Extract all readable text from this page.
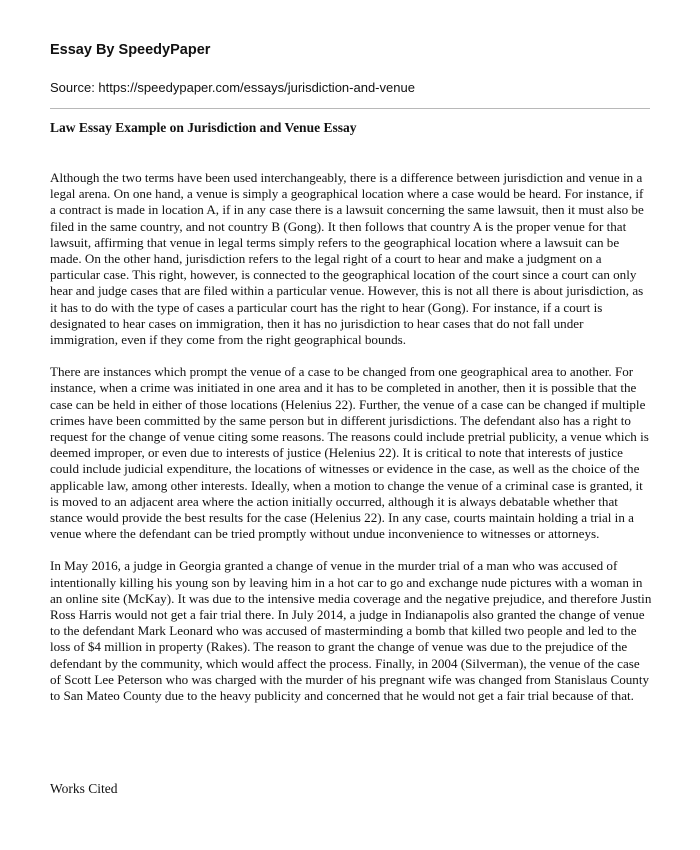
Essay By SpeedyPaper
Source: https://speedypaper.com/essays/jurisdiction-and-venue
Law Essay Example on Jurisdiction and Venue Essay

Although the two terms have been used interchangeably, there is a difference between jurisdiction and venue in a legal arena. On one hand, a venue is simply a geographical location where a case would be heard. For instance, if a contract is made in location A, if in any case there is a lawsuit concerning the same lawsuit, then it must also be filed in the same country, and not country B (Gong). It then follows that country A is the proper venue for that lawsuit, affirming that venue in legal terms simply refers to the geographical location where a lawsuit can be made. On the other hand, jurisdiction refers to the legal right of a court to hear and make a judgment on a particular case. This right, however, is connected to the geographical location of the court since a court can only hear and judge cases that are filed within a particular venue. However, this is not all there is about jurisdiction, as it has to do with the type of cases a particular court has the right to hear (Gong). For instance, if a court is designated to hear cases on immigration, then it has no jurisdiction to hear cases that do not fall under immigration, even if they come from the right geographical bounds.

There are instances which prompt the venue of a case to be changed from one geographical area to another. For instance, when a crime was initiated in one area and it has to be completed in another, then it is possible that the case can be held in either of those locations (Helenius 22). Further, the venue of a case can be changed if multiple crimes have been committed by the same person but in different jurisdictions. The defendant also has a right to request for the change of venue citing some reasons. The reasons could include pretrial publicity, a venue which is deemed improper, or even due to interests of justice (Helenius 22). It is critical to note that interests of justice could include judicial expenditure, the locations of witnesses or evidence in the case, as well as the choice of the applicable law, among other interests. Ideally, when a motion to change the venue of a criminal case is granted, it is moved to an adjacent area where the action initially occurred, although it is always debatable whether that stance would provide the best results for the case (Helenius 22). In any case, courts maintain holding a trial in a venue where the defendant can be tried promptly without undue inconvenience to witnesses or attorneys.

In May 2016, a judge in Georgia granted a change of venue in the murder trial of a man who was accused of intentionally killing his young son by leaving him in a hot car to go and exchange nude pictures with a woman in an online site (McKay). It was due to the intensive media coverage and the negative prejudice, and therefore Justin Ross Harris would not get a fair trial there. In July 2014, a judge in Indianapolis also granted the change of venue to the defendant Mark Leonard who was accused of masterminding a bomb that killed two people and led to the loss of $4 million in property (Rakes). The reason to grant the change of venue was due to the prejudice of the defendant by the community, which would affect the process. Finally, in 2004 (Silverman), the venue of the case of Scott Lee Peterson who was charged with the murder of his pregnant wife was changed from Stanislaus County to San Mateo County due to the heavy publicity and concerned that he would not get a fair trial because of that.

Works Cited
